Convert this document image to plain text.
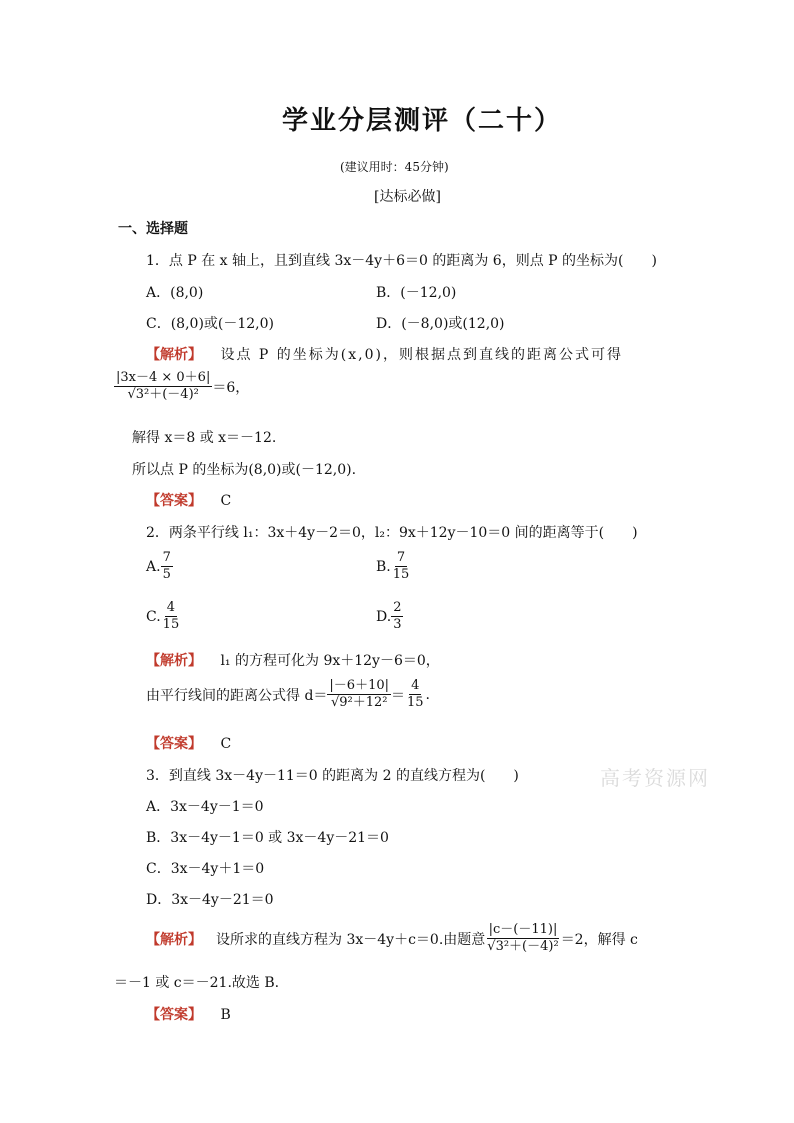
学业分层测评（二十）
(建议用时：45分钟)
[达标必做]
一、选择题
1．点 P 在 x 轴上，且到直线 3x－4y＋6＝0 的距离为 6，则点 P 的坐标为(　　)
A．(8,0)	B．(－12,0)
C．(8,0)或(－12,0)	D．(－8,0)或(12,0)
【解析】 设点 P 的坐标为(x,0)，则根据点到直线的距离公式可得
$\frac{|3x-4 \times 0+6|}{\text{√3²＋(－4)²}} =6$，
解得 x＝8 或 x＝－12.
所以点 P 的坐标为(8,0)或(－12,0).
【答案】 C
2．两条平行线 l₁：3x＋4y－2＝0，l₂：9x＋12y－10＝0 间的距离等于(　　)
A. $\frac{7}{5}$	B. $\frac{7}{15}$
C. $\frac{4}{15}$	D. $\frac{2}{3}$
【解析】 l₁ 的方程可化为 9x＋12y－6＝0，
由平行线间的距离公式得 $d= \frac{|-6+10|}{\text{√9²＋12²}} = \frac{4}{15}$ .
【答案】 C
高考资源网
3．到直线 3x－4y－11＝0 的距离为 2 的直线方程为(　　)
A．3x－4y－1＝0
B．3x－4y－1＝0 或 3x－4y－21＝0
C．3x－4y＋1＝0
D．3x－4y－21＝0
【解析】 设所求的直线方程为 3x－4y＋c＝0.由题意 $\frac{|c-(-11)|}{\text{√3²＋(－4)²}} =2$，解得 c
＝－1 或 c＝－21.故选 B.
【答案】 B
